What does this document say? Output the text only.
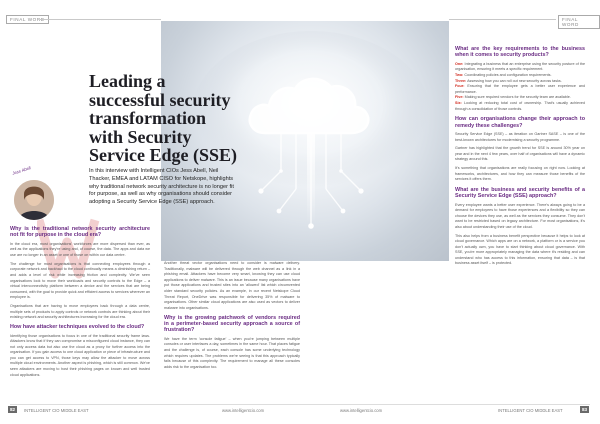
FINAL WORD	FINAL WORD
Leading a successful security transformation with Security Service Edge (SSE)
In this interview with Intelligent CIOs Jess Abell, Neil Thacker, EMEA and LATAM CISO for Netskope, highlights why traditional network security architecture is no longer fit for purpose, as well as why organisations should consider adopting a Security Service Edge (SSE) approach.
Jess Abell
Why is the traditional network security architecture not fit for purpose in the cloud era?

In the cloud era, most organisations' workforces are more dispersed than ever, as well as the applications they're using and, of course, the data. The apps and data we use are no longer in an asset or one of those on within our data centre.

The challenge for most organisations is that connecting employees through a corporate network and backhaul to the cloud continually means a diminishing return – and adds a level of risk while increasing friction and complexity. We've seen organisations look to move their workloads and security controls to the Edge – a virtual interconnectivity platform between a device and the services that are being consumed, with the goal to provide quick and efficient access to services wherever an employee is.

Organisations that are having to move employees back through a data centre, multiple sets of products to apply controls or network controls are thinking about their existing network and security architectures increasing for the cloud era.

How have attacker techniques evolved to the cloud?

Identifying those organisations to focus in one of the traditional security frame laws. Attackers know that if they can compromise a misconfigured cloud instance, they can not only access data but also use the cloud as a proxy for further access into the organisation. If you gain access to one cloud application or piece of infrastructure and you can get access to VPN, those keys may allow the attacker to move across multiple cloud environments. Another aspect is phishing, which is still common. We've seen attackers are moving to host their phishing pages on known and well trusted cloud applications.

Another threat vector organisations need to consider is malware delivery. Traditionally, malware will be delivered through the web channel as a link in a phishing email. Attackers have become very smart, knowing they can use cloud applications to deliver malware. This is an issue because many organisations have put those applications and trusted sites into an 'allowed' list which circumvented older standard security policies. As an example, in our recent Netskope Cloud Threat Report, OneDrive was responsible for delivering 35% of malware to organisations. Other similar cloud applications are also used as vectors to deliver malware into organisations.

Why is the growing patchwork of vendors required in a perimeter-based security approach a source of frustration?

We have the term 'console fatigue' – when you're jumping between multiple consoles or user interfaces a day, sometimes in the same hour. That places fatigue and the challenge is, of course, each console has some underlying technology which requires updates. The problems we're seeing is that this approach typically fails because of this complexity. The requirement to manage all these consoles adds risk to the organisation too.

What are the key requirements to the business when it comes to security products?

One: Integrating a business that an enterprise using the security posture of the organisation, ensuring it meets a specific requirement.

Two: Coordinating policies and configuration requirements.

Three: Assessing how you can roll out new security across tasks.

Four: Ensuring that the employee gets a better user experience and performance.

Five: Making sure required vendors for the security team are available.

Six: Looking at reducing total cost of ownership. That's usually achieved through a consolidation of those controls.

How can organisations change their approach to remedy these challenges?

Security Service Edge (SSE) – as iteration on Gartner SASE – is one of the best-known architectures for modernising a security programme.

Gartner has highlighted that the growth trend for SSE is around 30% year on year and in the next 4 few years, over half of organisations will have a dynamic strategy around this.

It's something that organisations are really focusing on right now. Looking at frameworks, architectures, and how they can measure those benefits of the services it offers them.

What are the business and security benefits of a Security Service Edge (SSE) approach?

Every employee wants a better user experience. There's always going to be a demand for employees to have those experiences and a flexibility so they can choose the devices they use, as well as the services they consume. They don't want to be restricted based on legacy architecture. For most organisations, it's also about understanding their use of the cloud.

This also helps from a business benefit perspective because it helps to look at cloud governance. Which apps are on a network, a platform or is a service you don't actually own, you have to start thinking about cloud governance. With SSE, you're more appropriately managing the data where it's residing and can understand who has access to this information, ensuring that data – is that business asset itself – is protected.

82	INTELLIGENT CIO MIDDLE EAST	www.intelligentcio.com	www.intelligentcio.com	INTELLIGENT CIO MIDDLE EAST	83
